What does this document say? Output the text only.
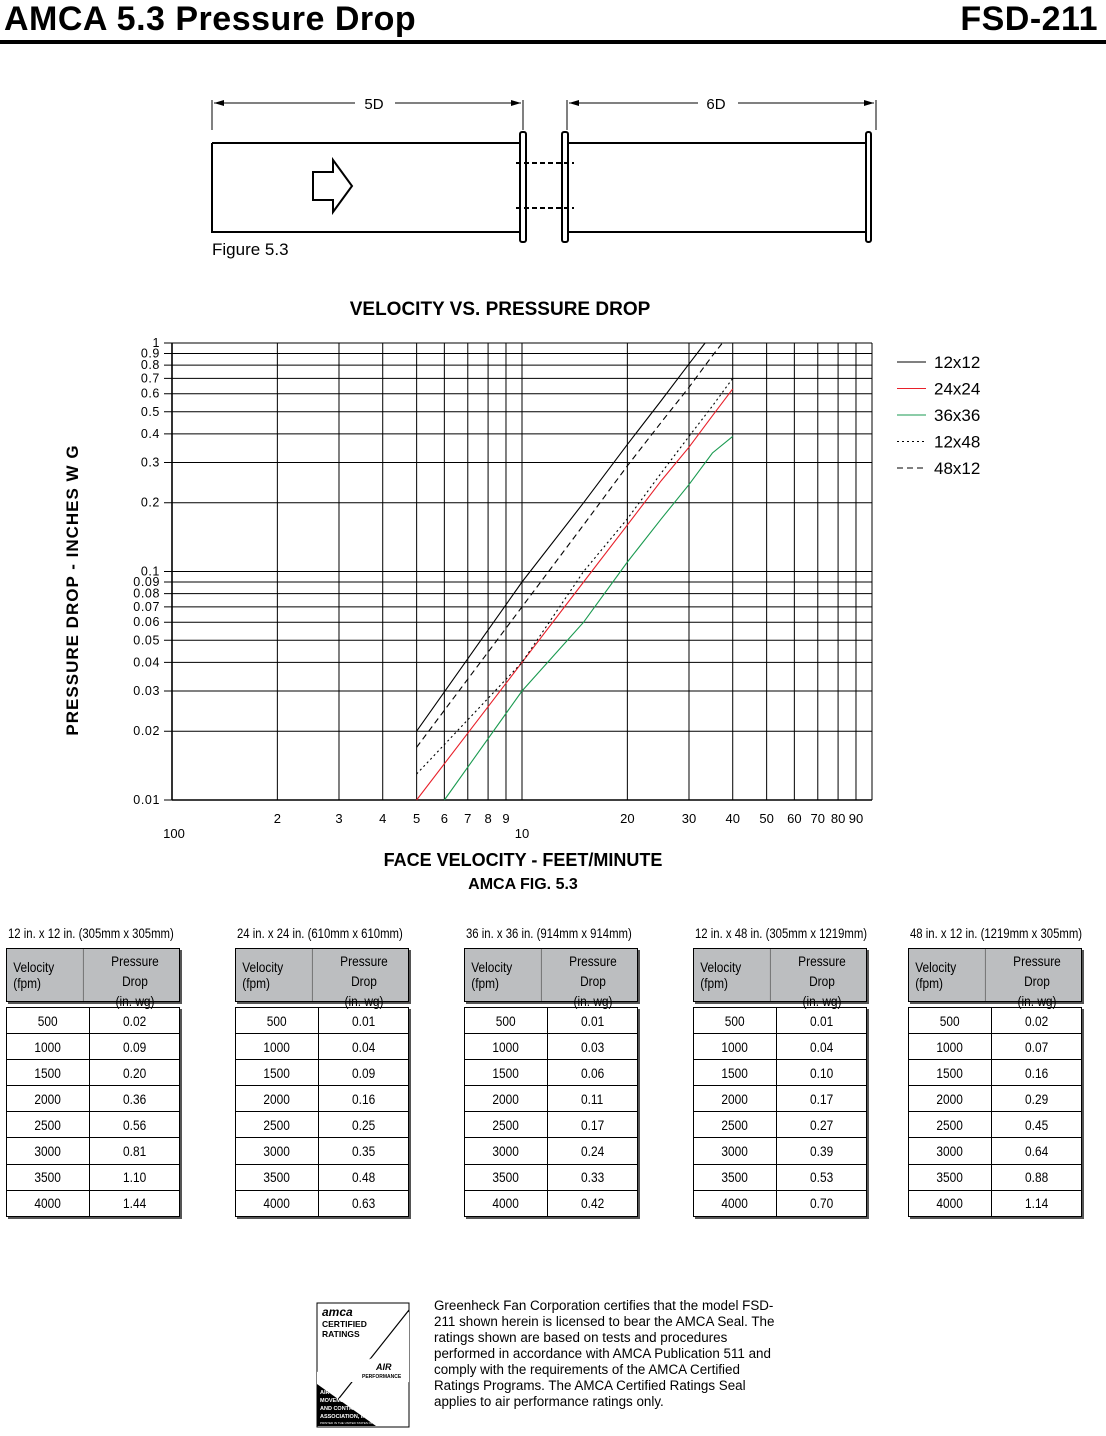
AMCA 5.3 Pressure Drop	FSD-211
5D	6D
Figure 5.3
VELOCITY VS. PRESSURE DROP
0.01
0.02
0.03
0.04
0.05
0.06
0.07
0.08
0.09
0.1
0.2
0.3
0.4
0.5
0.6
0.7
0.8
0.9
1
100
2	3	4 5 6 7 8 9
10
20	30 40 50 60 70 80 90
12x12
24x24
36x36
12x48
48x12
PRESSURE DROP - INCHES W G
FACE VELOCITY - FEET/MINUTE
AMCA FIG. 5.3
12 in. x 12 in. (305mm x 305mm)
Velocity (fpm)
Pressure Drop
(in. wg)
500	0.02
1000	0.09
1500	0.20
2000	0.36
2500	0.56
3000	0.81
3500	1.10
4000	1.44
24 in. x 24 in. (610mm x 610mm)
Velocity (fpm)
Pressure Drop
(in. wg)
500	0.01
1000	0.04
1500	0.09
2000	0.16
2500	0.25
3000	0.35
3500	0.48
4000	0.63
36 in. x 36 in. (914mm x 914mm)
Velocity (fpm)
Pressure Drop
(in. wg)
500	0.01
1000	0.03
1500	0.06
2000	0.11
2500	0.17
3000	0.24
3500	0.33
4000	0.42
12 in. x 48 in. (305mm x 1219mm)
Velocity (fpm)
Pressure Drop
(in. wg)
500	0.01
1000	0.04
1500	0.10
2000	0.17
2500	0.27
3000	0.39
3500	0.53
4000	0.70
48 in. x 12 in. (1219mm x 305mm)
Velocity (fpm)
Pressure Drop
(in. wg)
500	0.02
1000	0.07
1500	0.16
2000	0.29
2500	0.45
3000	0.64
3500	0.88
4000	1.14
amca
CERTIFIED
RATINGS
AIR
PERFORMANCE
AIR
MOVEMENT
AND CONTROL
ASSOCIATION, INC.
PRINTED IN THE UNITED STATES OF AMERICA
Greenheck Fan Corporation certifies that the model FSD-211 shown herein is licensed to bear the AMCA Seal. The ratings shown are based on tests and procedures performed in accordance with AMCA Publication 511 and comply with the requirements of the AMCA Certified Ratings Programs. The AMCA Certified Ratings Seal applies to air performance ratings only.
